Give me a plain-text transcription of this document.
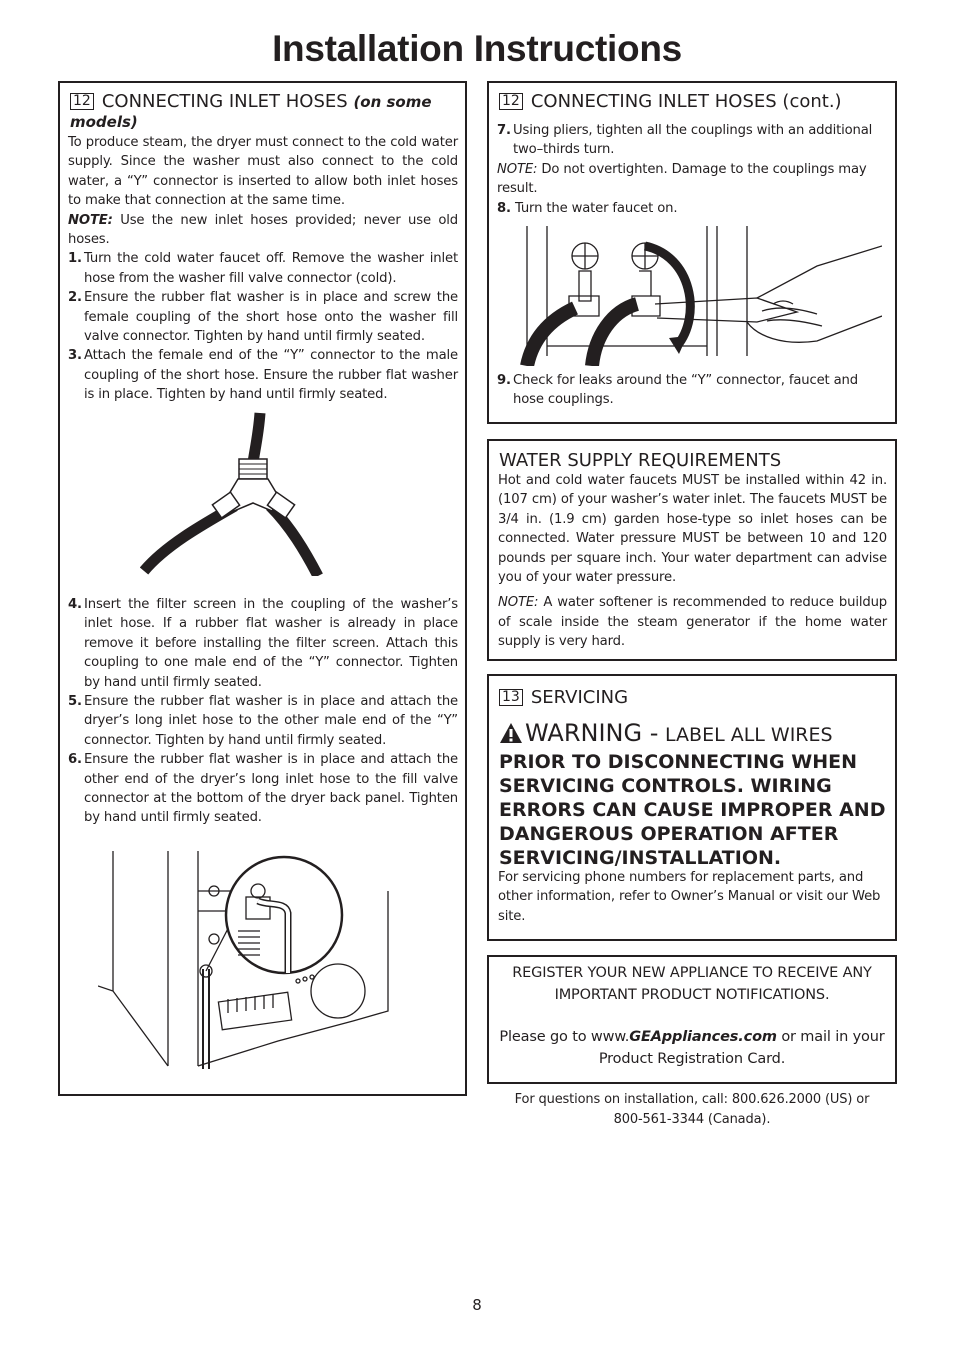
Installation Instructions
12 CONNECTING INLET HOSES (on some models)

To produce steam, the dryer must connect to the cold water supply. Since the washer must also connect to the cold water, a “Y” connector is inserted to allow both inlet hoses to make that connection at the same time.

NOTE: Use the new inlet hoses provided; never use old hoses.

1. Turn the cold water faucet off. Remove the washer inlet hose from the washer fill valve connector (cold).
2. Ensure the rubber flat washer is in place and screw the female coupling of the short hose onto the washer fill valve connector. Tighten by hand until firmly seated.
3. Attach the female end of the “Y” connector to the male coupling of the short hose. Ensure the rubber flat washer is in place. Tighten by hand until firmly seated.
4. Insert the filter screen in the coupling of the washer’s inlet hose. If a rubber flat washer is already in place remove it before installing the filter screen. Attach this coupling to one male end of the “Y” connector. Tighten by hand until firmly seated.
5. Ensure the rubber flat washer is in place and attach the dryer’s long inlet hose to the other male end of the “Y” connector. Tighten by hand until firmly seated.
6. Ensure the rubber flat washer is in place and attach the other end of the dryer’s long inlet hose to the fill valve connector at the bottom of the dryer back panel. Tighten by hand until firmly seated.
12 CONNECTING INLET HOSES (cont.)
7. Using pliers, tighten all the couplings with an additional two–thirds turn.

NOTE: Do not overtighten. Damage to the couplings may result.

8. Turn the water faucet on.
9. Check for leaks around the “Y” connector, faucet and hose couplings.
WATER SUPPLY REQUIREMENTS

Hot and cold water faucets MUST be installed within 42 in. (107 cm) of your washer’s water inlet. The faucets MUST be 3/4 in. (1.9 cm) garden hose-type so inlet hoses can be connected. Water pressure MUST be between 10 and 120 pounds per square inch. Your water department can advise you of your water pressure.

NOTE: A water softener is recommended to reduce buildup of scale inside the steam generator if the home water supply is very hard.

13 SERVICING
WARNING - LABEL ALL WIRES
PRIOR TO DISCONNECTING WHEN SERVICING CONTROLS. WIRING ERRORS CAN CAUSE IMPROPER AND DANGEROUS OPERATION AFTER SERVICING/INSTALLATION.

For servicing phone numbers for replacement parts, and other information, refer to Owner’s Manual or visit our Web site.

REGISTER YOUR NEW APPLIANCE TO RECEIVE ANY IMPORTANT PRODUCT NOTIFICATIONS.

Please go to www.GEAppliances.com or mail in your Product Registration Card.

For questions on installation, call: 800.626.2000 (US) or 800-561-3344 (Canada).
8
